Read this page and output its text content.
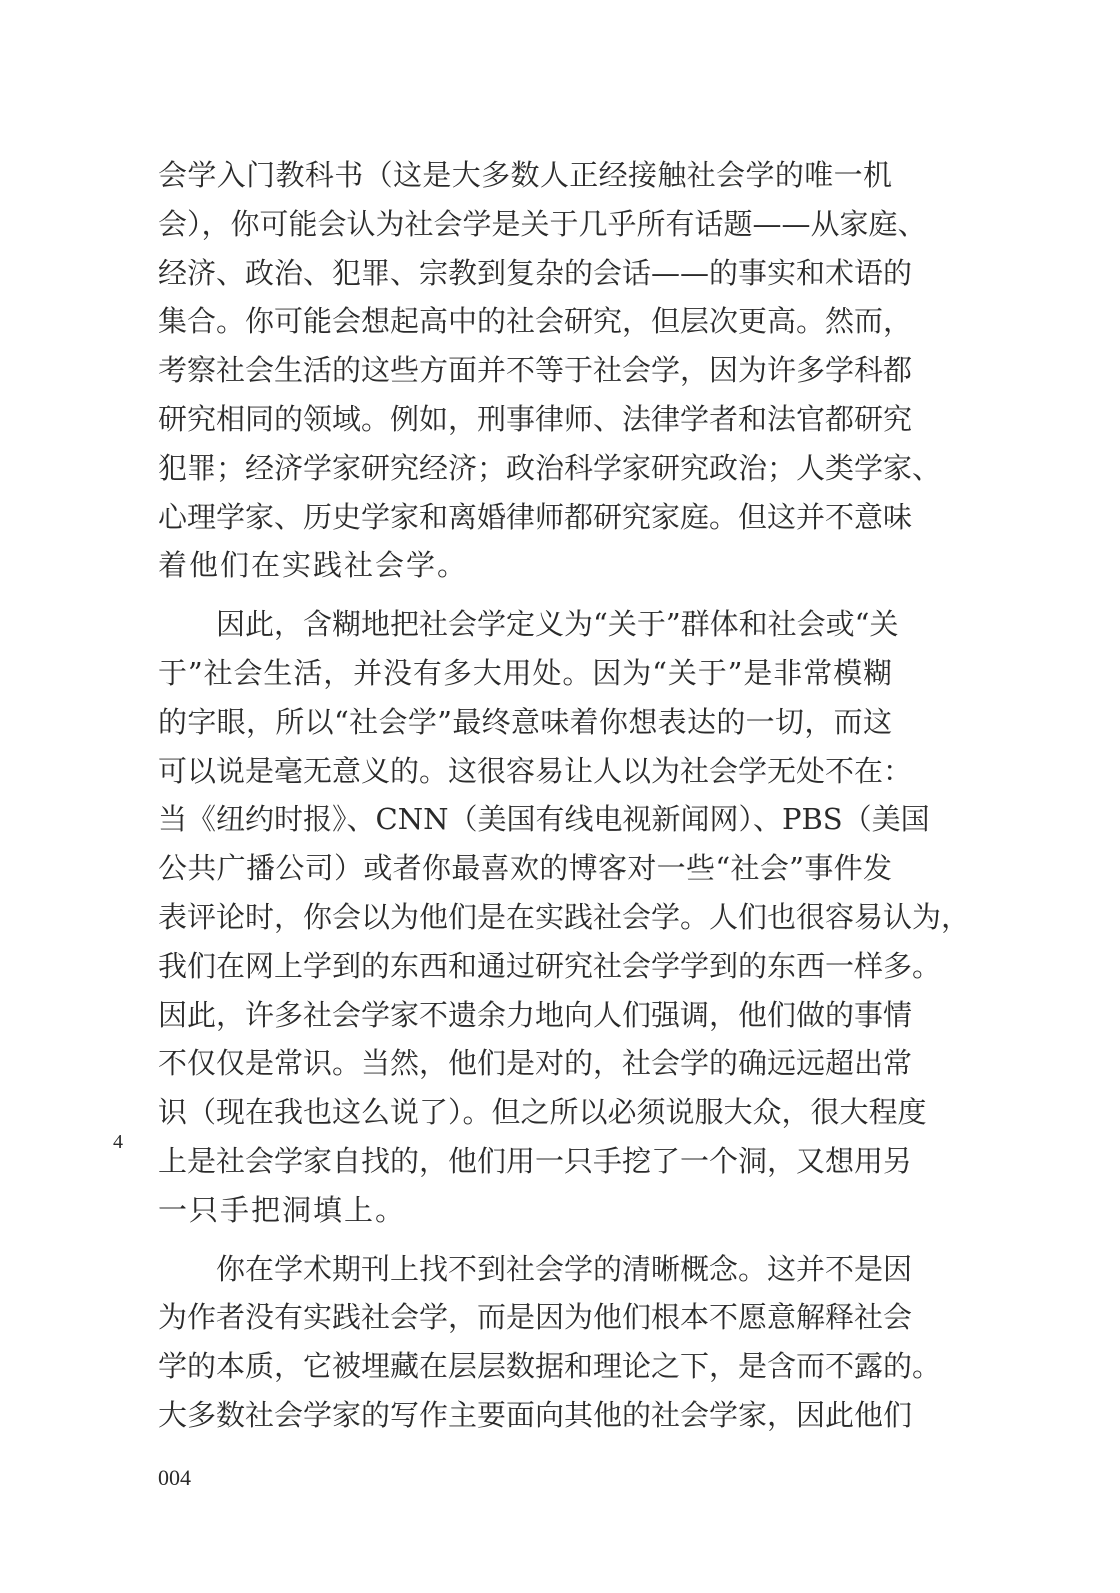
会学入门教科书（这是大多数人正经接触社会学的唯一机
会），你可能会认为社会学是关于几乎所有话题——从家庭、
经济、政治、犯罪、宗教到复杂的会话——的事实和术语的
集合。你可能会想起高中的社会研究，但层次更高。然而，
考察社会生活的这些方面并不等于社会学，因为许多学科都
研究相同的领域。例如，刑事律师、法律学者和法官都研究
犯罪；经济学家研究经济；政治科学家研究政治；人类学家、
心理学家、历史学家和离婚律师都研究家庭。但这并不意味
着他们在实践社会学。
因此，含糊地把社会学定义为“关于”群体和社会或“关
于”社会生活，并没有多大用处。因为“关于”是非常模糊
的字眼，所以“社会学”最终意味着你想表达的一切，而这
可以说是毫无意义的。这很容易让人以为社会学无处不在：
当《纽约时报》、CNN（美国有线电视新闻网）、PBS（美国
公共广播公司）或者你最喜欢的博客对一些“社会”事件发
表评论时，你会以为他们是在实践社会学。人们也很容易认为，
我们在网上学到的东西和通过研究社会学学到的东西一样多。
因此，许多社会学家不遗余力地向人们强调，他们做的事情
不仅仅是常识。当然，他们是对的，社会学的确远远超出常
识（现在我也这么说了）。但之所以必须说服大众，很大程度
上是社会学家自找的，他们用一只手挖了一个洞，又想用另
一只手把洞填上。
你在学术期刊上找不到社会学的清晰概念。这并不是因
为作者没有实践社会学，而是因为他们根本不愿意解释社会
学的本质，它被埋藏在层层数据和理论之下，是含而不露的。
大多数社会学家的写作主要面向其他的社会学家，因此他们
4
004
